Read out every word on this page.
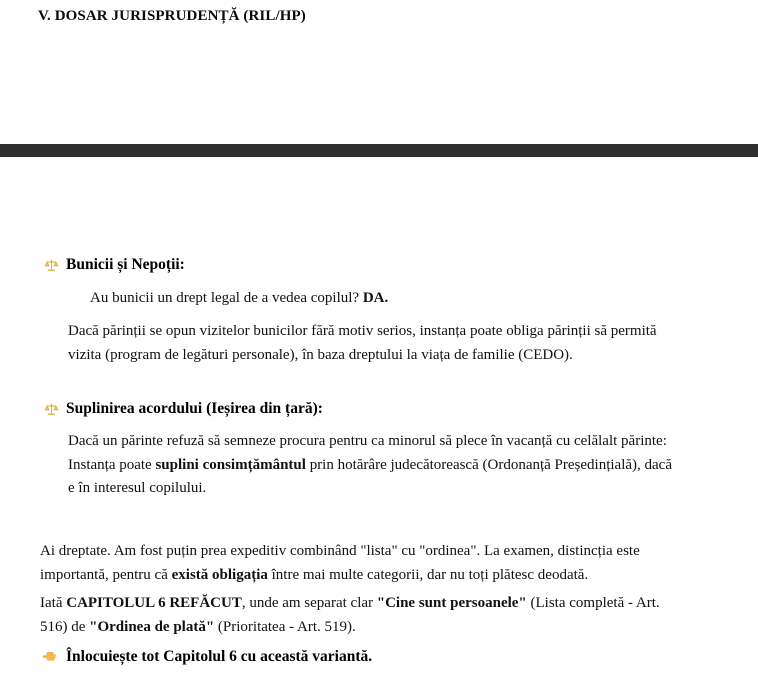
V. DOSAR JURISPRUDENȚĂ (RIL/HP)
Bunicii și Nepoții:
Au bunicii un drept legal de a vedea copilul? DA.
Dacă părinții se opun vizitelor bunicilor fără motiv serios, instanța poate obliga părinții să permită vizita (program de legături personale), în baza dreptului la viața de familie (CEDO).
Suplinirea acordului (Ieșirea din țară):
Dacă un părinte refuză să semneze procura pentru ca minorul să plece în vacanță cu celălalt părinte: Instanța poate suplini consimțământul prin hotărâre judecătorească (Ordonanță Președințială), dacă e în interesul copilului.
Ai dreptate. Am fost puțin prea expeditiv combinând "lista" cu "ordinea". La examen, distincția este importantă, pentru că există obligația între mai multe categorii, dar nu toți plătesc deodată.
Iată CAPITOLUL 6 REFĂCUT, unde am separat clar "Cine sunt persoanele" (Lista completă - Art. 516) de "Ordinea de plată" (Prioritatea - Art. 519).
Înlocuiește tot Capitolul 6 cu această variantă.
